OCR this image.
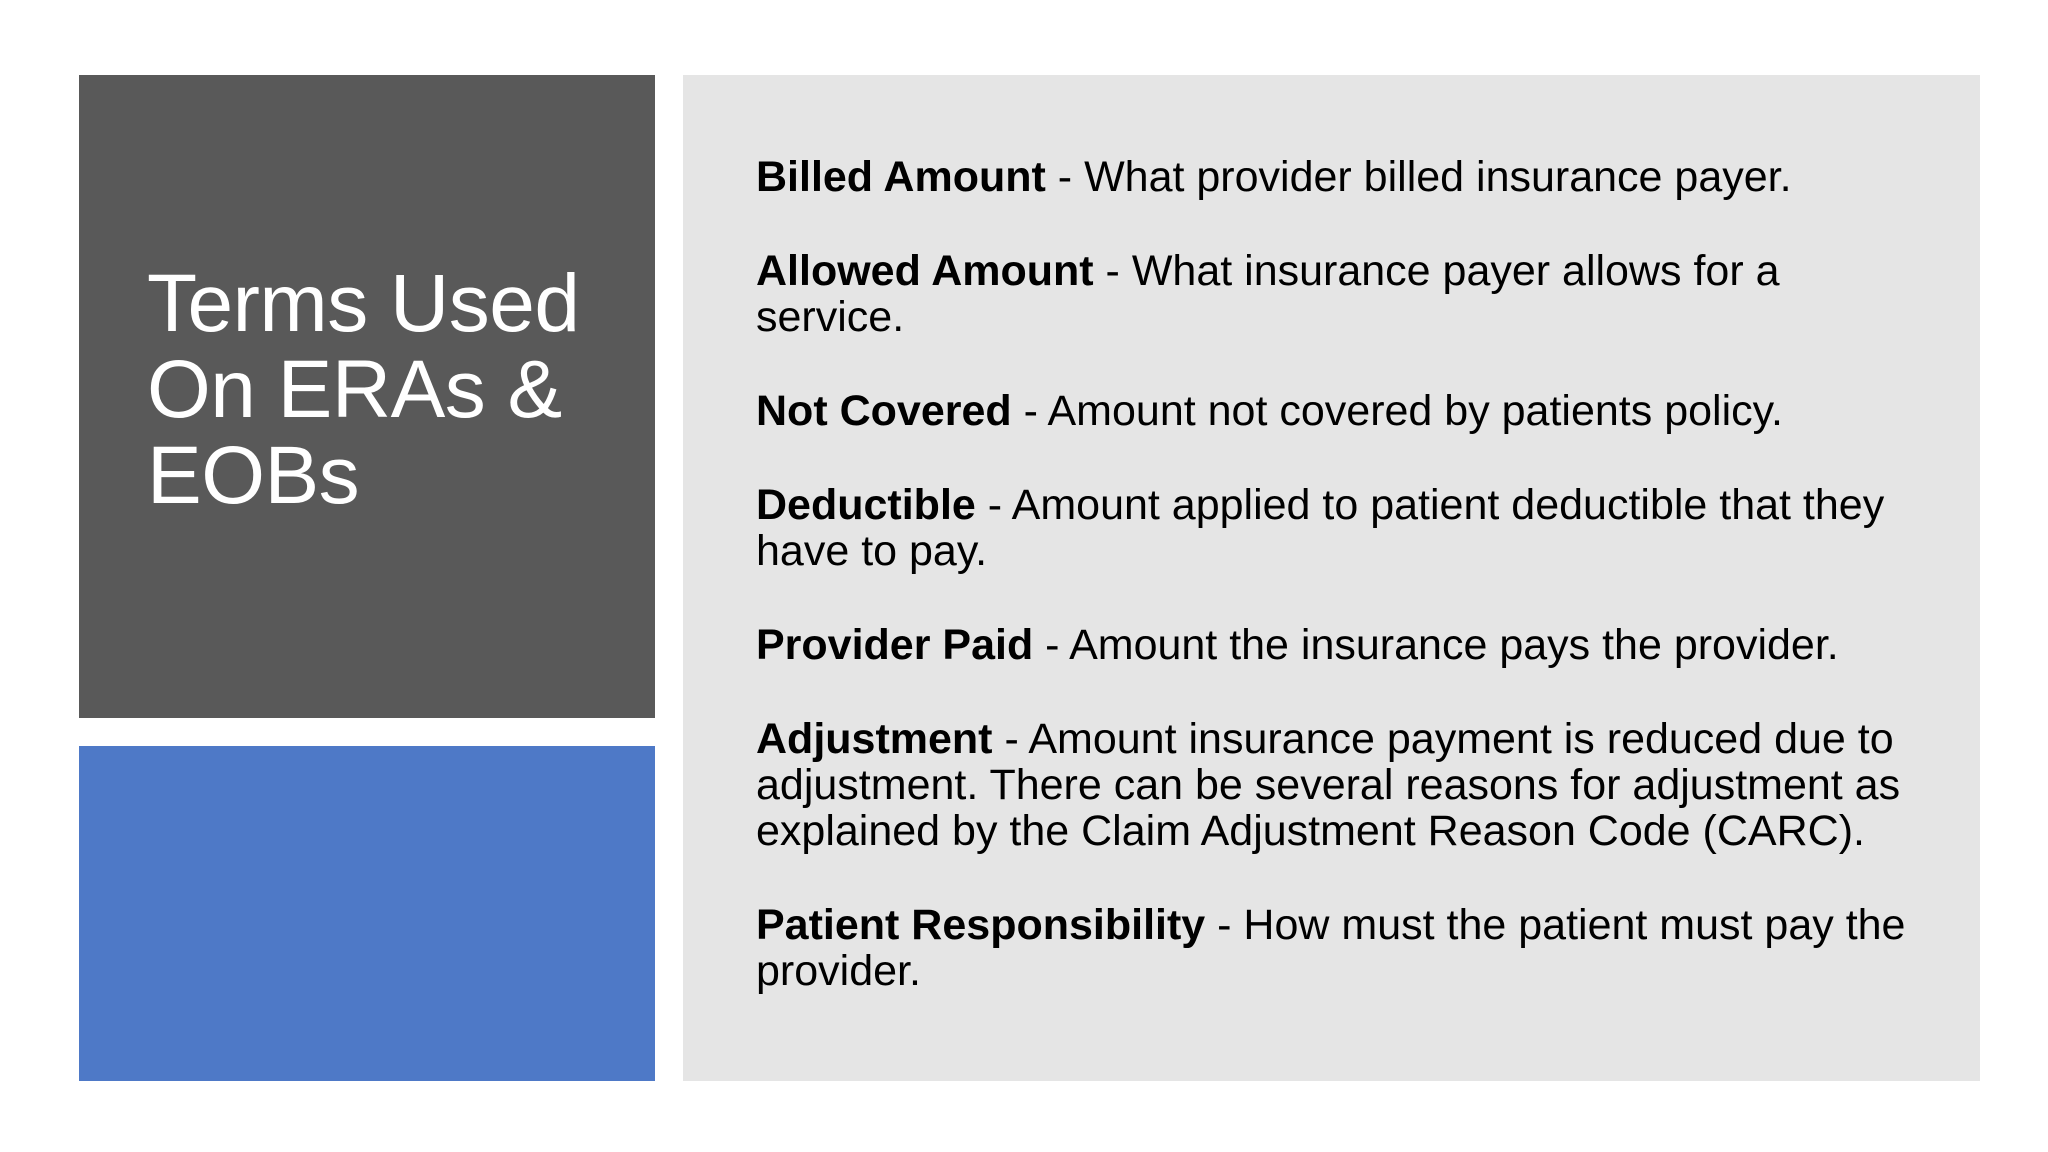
Terms Used On ERAs & EOBs
Billed Amount - What provider billed insurance payer.
Allowed Amount - What insurance payer allows for a service.
Not Covered - Amount not covered by patients policy.
Deductible - Amount applied to patient deductible that they have to pay.
Provider Paid - Amount the insurance pays the provider.
Adjustment - Amount insurance payment is reduced due to adjustment. There can be several reasons for adjustment as explained by the Claim Adjustment Reason Code (CARC).
Patient Responsibility - How must the patient must pay the provider.
